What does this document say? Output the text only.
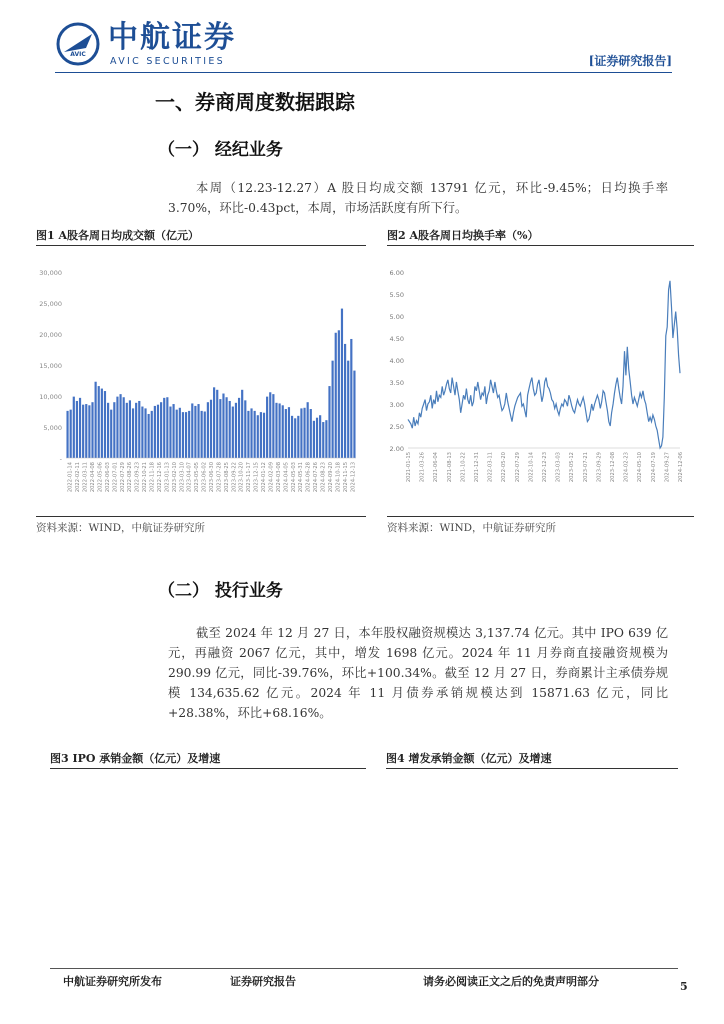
AVIC 中航证券
AVIC SECURITIES	[证券研究报告]
一、券商周度数据跟踪
（一） 经纪业务
本周（12.23-12.27）A 股日均成交额 13791 亿元，环比-9.45%；日均换手率 3.70%，环比-0.43pct，本周，市场活跃度有所下行。
图1 A股各周日均成交额（亿元）
-
5,000
10,000
15,000
20,000
25,000
30,000
2022-01-14 2022-02-11 2022-03-11 2022-04-08 2022-05-06 2022-06-03 2022-07-01 2022-07-29 2022-08-26 2022-09-23 2022-10-21 2022-11-18 2022-12-16 2023-01-13 2023-02-10 2023-03-10 2023-04-07 2023-05-05 2023-06-02 2023-06-30 2023-07-28 2023-08-25 2023-09-22 2023-10-20 2023-11-17 2023-12-15 2024-01-12 2024-02-09 2024-03-08 2024-04-05 2024-05-03 2024-05-31 2024-06-28 2024-07-26 2024-08-23 2024-09-20 2024-10-18 2024-11-15 2024-12-13
资料来源：WIND，中航证券研究所
图2 A股各周日均换手率（%）
2.00
2.50
3.00
3.50
4.00
4.50
5.00
5.50
6.00
2021-01-15 2021-03-26 2021-06-04 2021-08-13 2021-10-22 2021-12-31 2022-03-11 2022-05-20 2022-07-29 2022-10-14 2022-12-23 2023-03-03 2023-05-12 2023-07-21 2023-09-29 2023-12-08 2024-02-23 2024-05-10 2024-07-19 2024-09-27 2024-12-06
资料来源：WIND，中航证券研究所
（二） 投行业务
截至 2024 年 12 月 27 日，本年股权融资规模达 3,137.74 亿元。其中 IPO 639 亿元，再融资 2067 亿元，其中，增发 1698 亿元。2024 年 11 月券商直接融资规模为 290.99 亿元，同比-39.76%，环比+100.34%。截至 12 月 27 日，券商累计主承债券规模 134,635.62 亿元。2024 年 11 月债券承销规模达到 15871.63 亿元，同比+28.38%，环比+68.16%。
图3 IPO 承销金额（亿元）及增速	图4 增发承销金额（亿元）及增速
中航证券研究所发布	证券研究报告	请务必阅读正文之后的免责声明部分	5
